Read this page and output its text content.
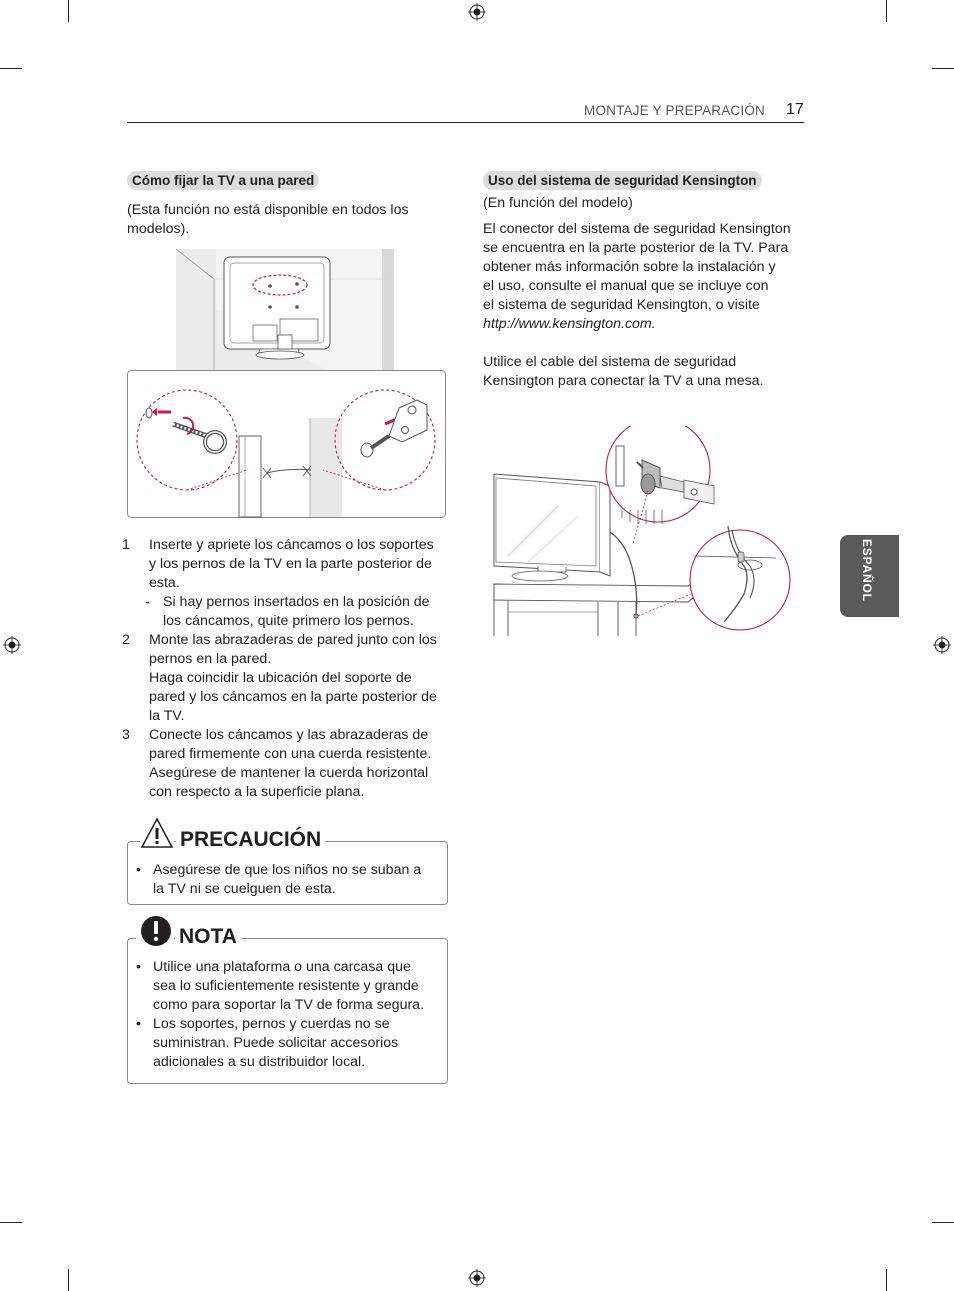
MONTAJE Y PREPARACIÓN 17
ESPAÑOL
Cómo fijar la TV a una pared
(Esta función no está disponible en todos los
modelos).
1 Inserte y apriete los cáncamos o los soportes
y los pernos de la TV en la parte posterior de
esta.
- Si hay pernos insertados en la posición de
los cáncamos, quite primero los pernos.
2 Monte las abrazaderas de pared junto con los
pernos en la pared.
Haga coincidir la ubicación del soporte de
pared y los cáncamos en la parte posterior de
la TV.
3 Conecte los cáncamos y las abrazaderas de
pared firmemente con una cuerda resistente.
Asegúrese de mantener la cuerda horizontal
con respecto a la superficie plana.
PRECAUCIÓN
• Asegúrese de que los niños no se suban a
la TV ni se cuelguen de esta.
NOTA
• Utilice una plataforma o una carcasa que
sea lo suficientemente resistente y grande
como para soportar la TV de forma segura.
• Los soportes, pernos y cuerdas no se
suministran. Puede solicitar accesorios
adicionales a su distribuidor local.
Uso del sistema de seguridad Kensington
(En función del modelo)
El conector del sistema de seguridad Kensington
se encuentra en la parte posterior de la TV. Para
obtener más información sobre la instalación y
el uso, consulte el manual que se incluye con
el sistema de seguridad Kensington, o visite
http://www.kensington.com.
Utilice el cable del sistema de seguridad
Kensington para conectar la TV a una mesa.
